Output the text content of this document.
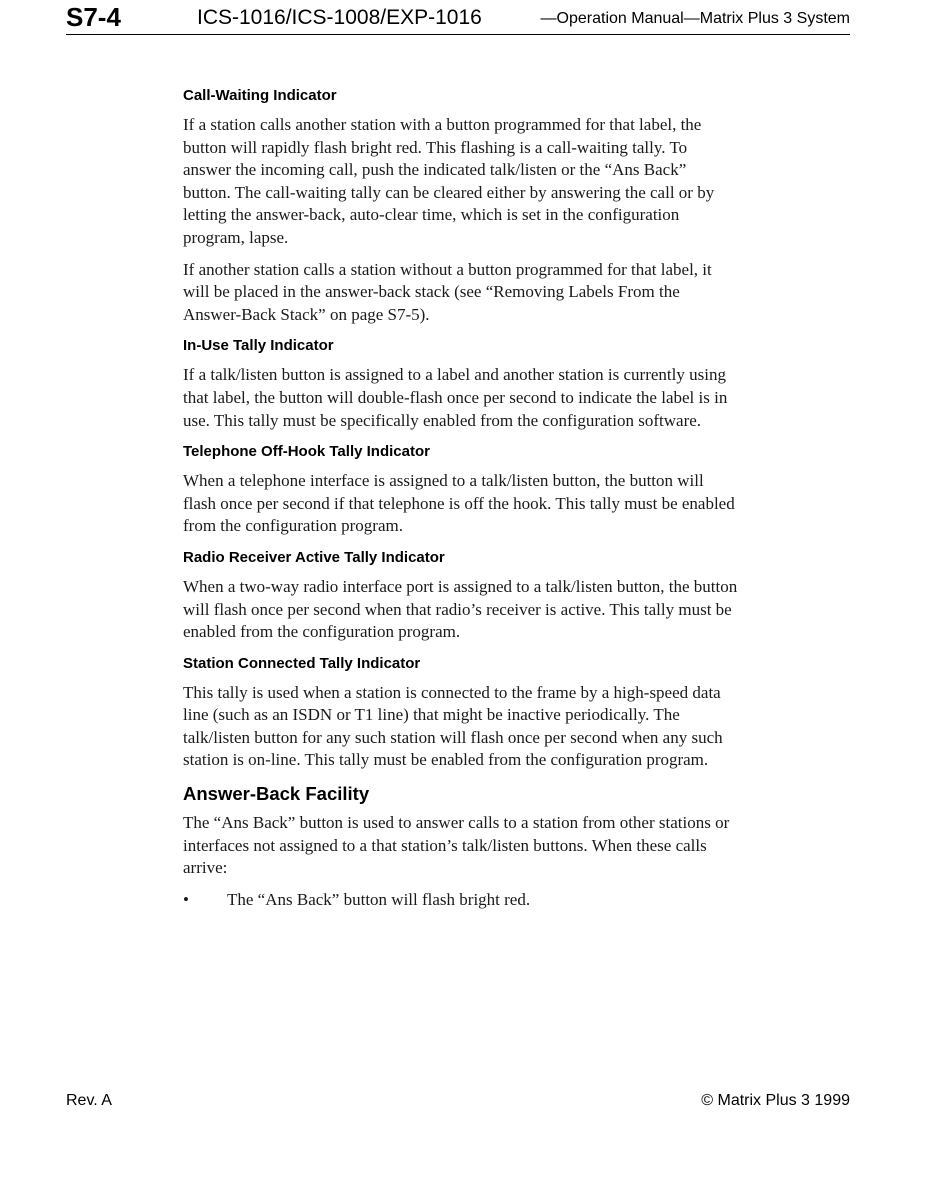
S7-4	ICS-1016/ICS-1008/EXP-1016	—Operation Manual—Matrix Plus 3 System
Call-Waiting Indicator

If a station calls another station with a button programmed for that label, the button will rapidly flash bright red. This flashing is a call-waiting tally. To answer the incoming call, push the indicated talk/listen or the “Ans Back” button. The call-waiting tally can be cleared either by answering the call or by letting the answer-back, auto-clear time, which is set in the configuration program, lapse.

If another station calls a station without a button programmed for that label, it will be placed in the answer-back stack (see “Removing Labels From the Answer-Back Stack” on page S7-5).

In-Use Tally Indicator

If a talk/listen button is assigned to a label and another station is currently using that label, the button will double-flash once per second to indicate the label is in use. This tally must be specifically enabled from the configuration software.

Telephone Off-Hook Tally Indicator

When a telephone interface is assigned to a talk/listen button, the button will flash once per second if that telephone is off the hook. This tally must be enabled from the configuration program.

Radio Receiver Active Tally Indicator

When a two-way radio interface port is assigned to a talk/listen button, the button will flash once per second when that radio’s receiver is active. This tally must be enabled from the configuration program.

Station Connected Tally Indicator

This tally is used when a station is connected to the frame by a high-speed data line (such as an ISDN or T1 line) that might be inactive periodically. The talk/listen button for any such station will flash once per second when any such station is on-line. This tally must be enabled from the configuration program.

Answer-Back Facility

The “Ans Back” button is used to answer calls to a station from other stations or interfaces not assigned to a that station’s talk/listen buttons. When these calls arrive:

• The “Ans Back” button will flash bright red.
Rev. A	© Matrix Plus 3 1999
